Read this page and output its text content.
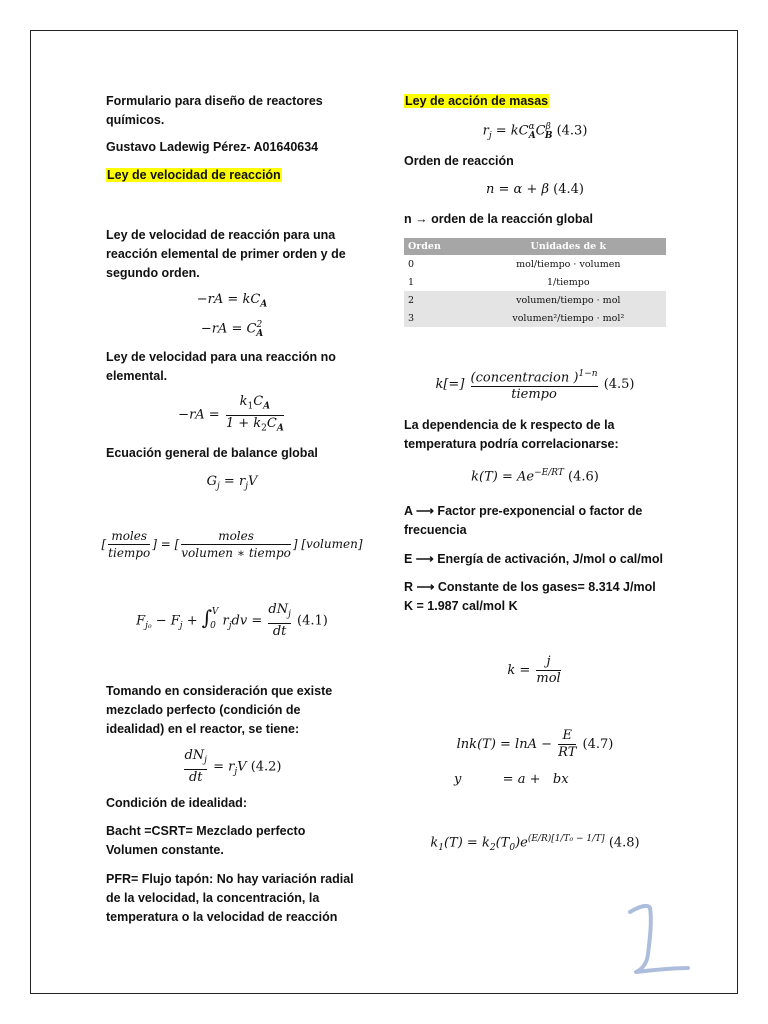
Formulario para diseño de reactores químicos.
Gustavo Ladewig Pérez- A01640634
Ley de velocidad de reacción
Ley de velocidad de reacción para una reacción elemental de primer orden y de segundo orden.
$-rA = kC_A$
$-rA = C^2_A$
Ley de velocidad para una reacción no elemental.
$-rA = \frac{k_1C_A}{1 + k_2C_A}$
Ecuación general de balance global
$G_j = r_jV$
[ $\frac{\text{moles}}{\text{tiempo}}$ ] = [ $\frac{\text{moles}}{\text{volumen ∗ tiempo}}$ ] [volumen]
$F_{j_0} - F_j + \int_0^V$ $r_jdv = \frac{dN_j}{dt} (4.1)$
Tomando en consideración que existe mezclado perfecto (condición de idealidad) en el reactor, se tiene:
$\frac{dN_j}{dt} = r_jV$ (4.2)
Condición de idealidad:
Bacht =CSRT= Mezclado perfecto Volumen constante.
PFR= Flujo tapón: No hay variación radial de la velocidad, la concentración, la temperatura o la velocidad de reacción
Ley de acción de masas
$r_j = kC^\alpha_AC^\beta_B$ (4.3)
Orden de reacción
n = α + β (4.4)
n → orden de la reacción global
Orden	Unidades de k
0	mol/tiempo · volumen
1	1/tiempo
2	volumen/tiempo · mol
3	volumen²/tiempo · mol²
$k[=] \frac{(concentracion )^{1-n}}{\text{tiempo}} (4.5)$
La dependencia de k respecto de la temperatura podría correlacionarse:
$k(T) = Ae^{-E/RT}$ (4.6)
A ⟶ Factor pre-exponencial o factor de frecuencia
E ⟶ Energía de activación, J/mol o cal/mol
R ⟶ Constante de los gases= 8.314 J/mol K = 1.987 cal/mol K
$k = \frac{j}{\text{mol}}$
$\ln k(T) = \ln A - \frac{E}{RT} (4.7)$
y          = a +   bx
$k_1(T) = k_2(T_0)e^{(E/R)[1/T_0 - 1/T]}$ (4.8)
